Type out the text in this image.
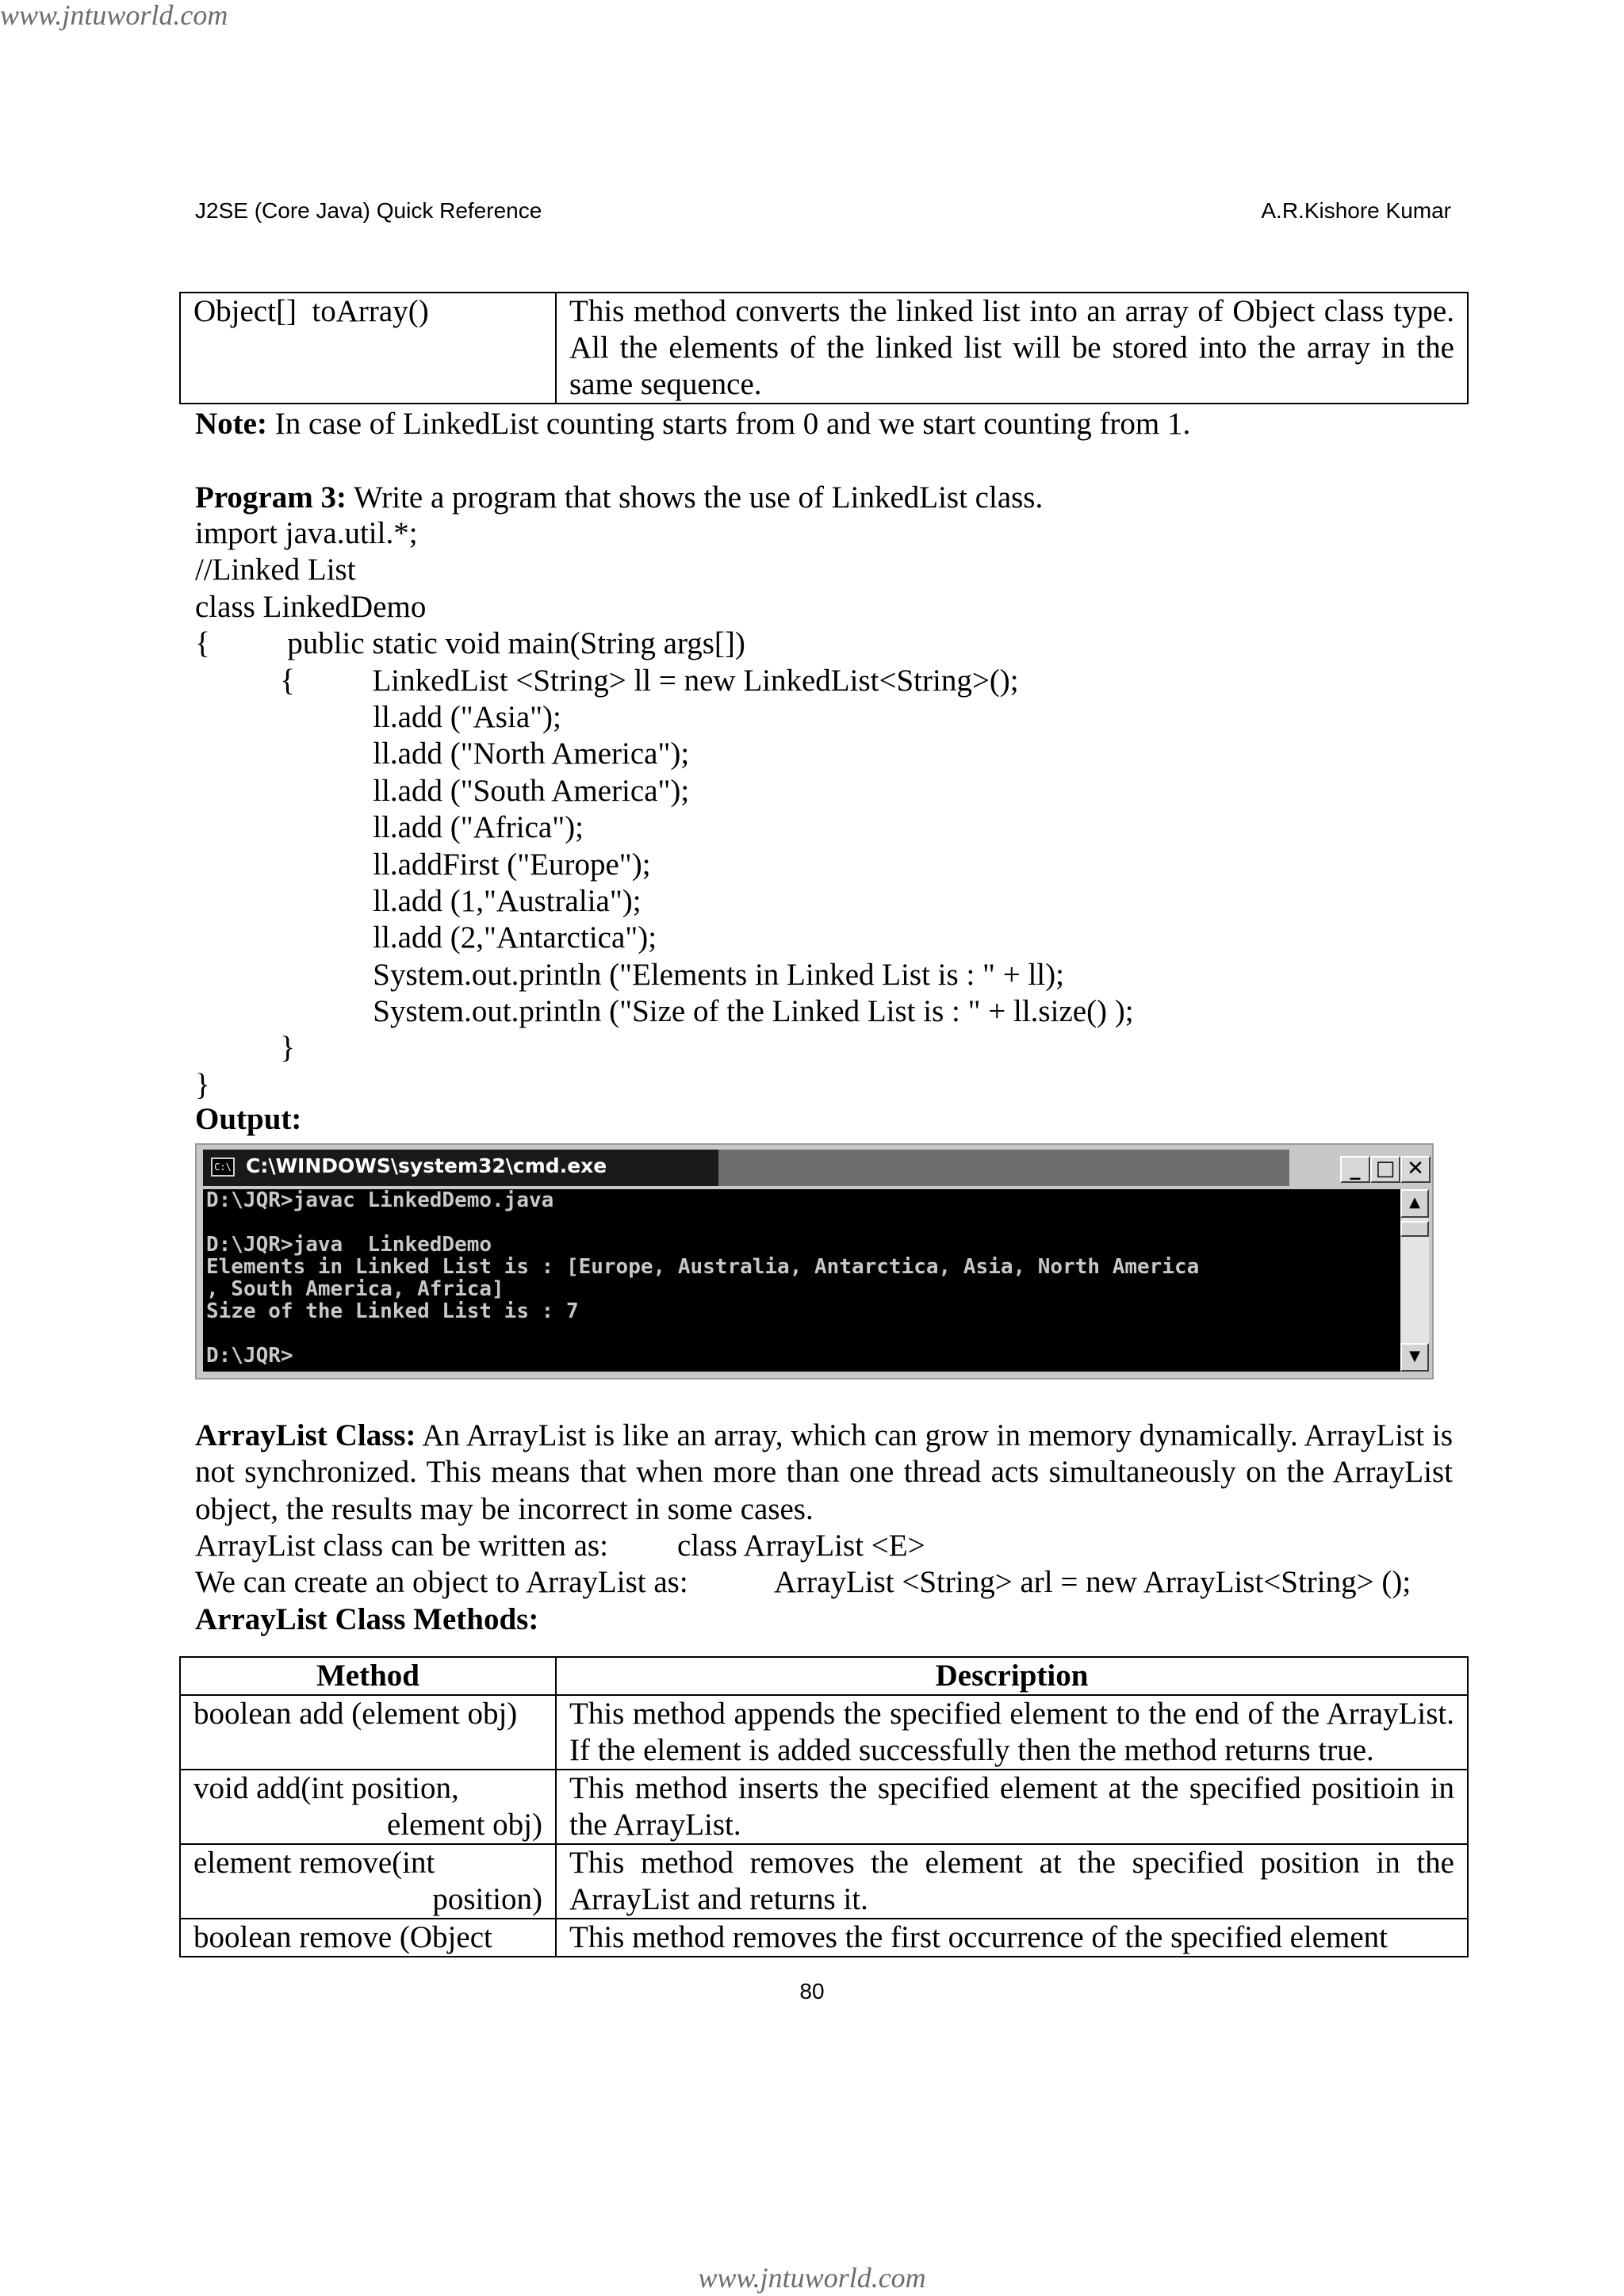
www.jntuworld.com
J2SE (Core Java) Quick Reference	A.R.Kishore Kumar
Object[]  toArray()	This method converts the linked list into an array of Object class type. All the elements of the linked list will be stored into the array in the same sequence.
Note: In case of LinkedList counting starts from 0 and we start counting from 1.
Program 3: Write a program that shows the use of LinkedList class.
import java.util.*;
//Linked List
class LinkedDemo
{          public static void main(String args[])
{          LinkedList <String> ll = new LinkedList<String>();
ll.add ("Asia");
ll.add ("North America");
ll.add ("South America");
ll.add ("Africa");
ll.addFirst ("Europe");
ll.add (1,"Australia");
ll.add (2,"Antarctica");
System.out.println ("Elements in Linked List is : " + ll);
System.out.println ("Size of the Linked List is : " + ll.size() );
}
}
Output:
C:\ C:\WINDOWS\system32\cmd.exe	_ □ ✕
D:\JQR>javac LinkedDemo.java
D:\JQR>java  LinkedDemo
Elements in Linked List is : [Europe, Australia, Antarctica, Asia, North America
, South America, Africa]
Size of the Linked List is : 7
D:\JQR>
▲
▼
ArrayList Class: An ArrayList is like an array, which can grow in memory dynamically. ArrayList is not synchronized. This means that when more than one thread acts simultaneously on the ArrayList object, the results may be incorrect in some cases.
ArrayList class can be written as: class ArrayList <E>
We can create an object to ArrayList as:	ArrayList <String> arl = new ArrayList<String> ();
ArrayList Class Methods:
Method	Description
boolean add (element obj)	This method appends the specified element to the end of the ArrayList. If the element is added successfully then the method returns true.
void add(int position,
element obj)	This method inserts the specified element at the specified positioin in the ArrayList.
element remove(int
position)	This method removes the element at the specified position in the ArrayList and returns it.
boolean remove (Object	This method removes the first occurrence of the specified element
80
www.jntuworld.com
